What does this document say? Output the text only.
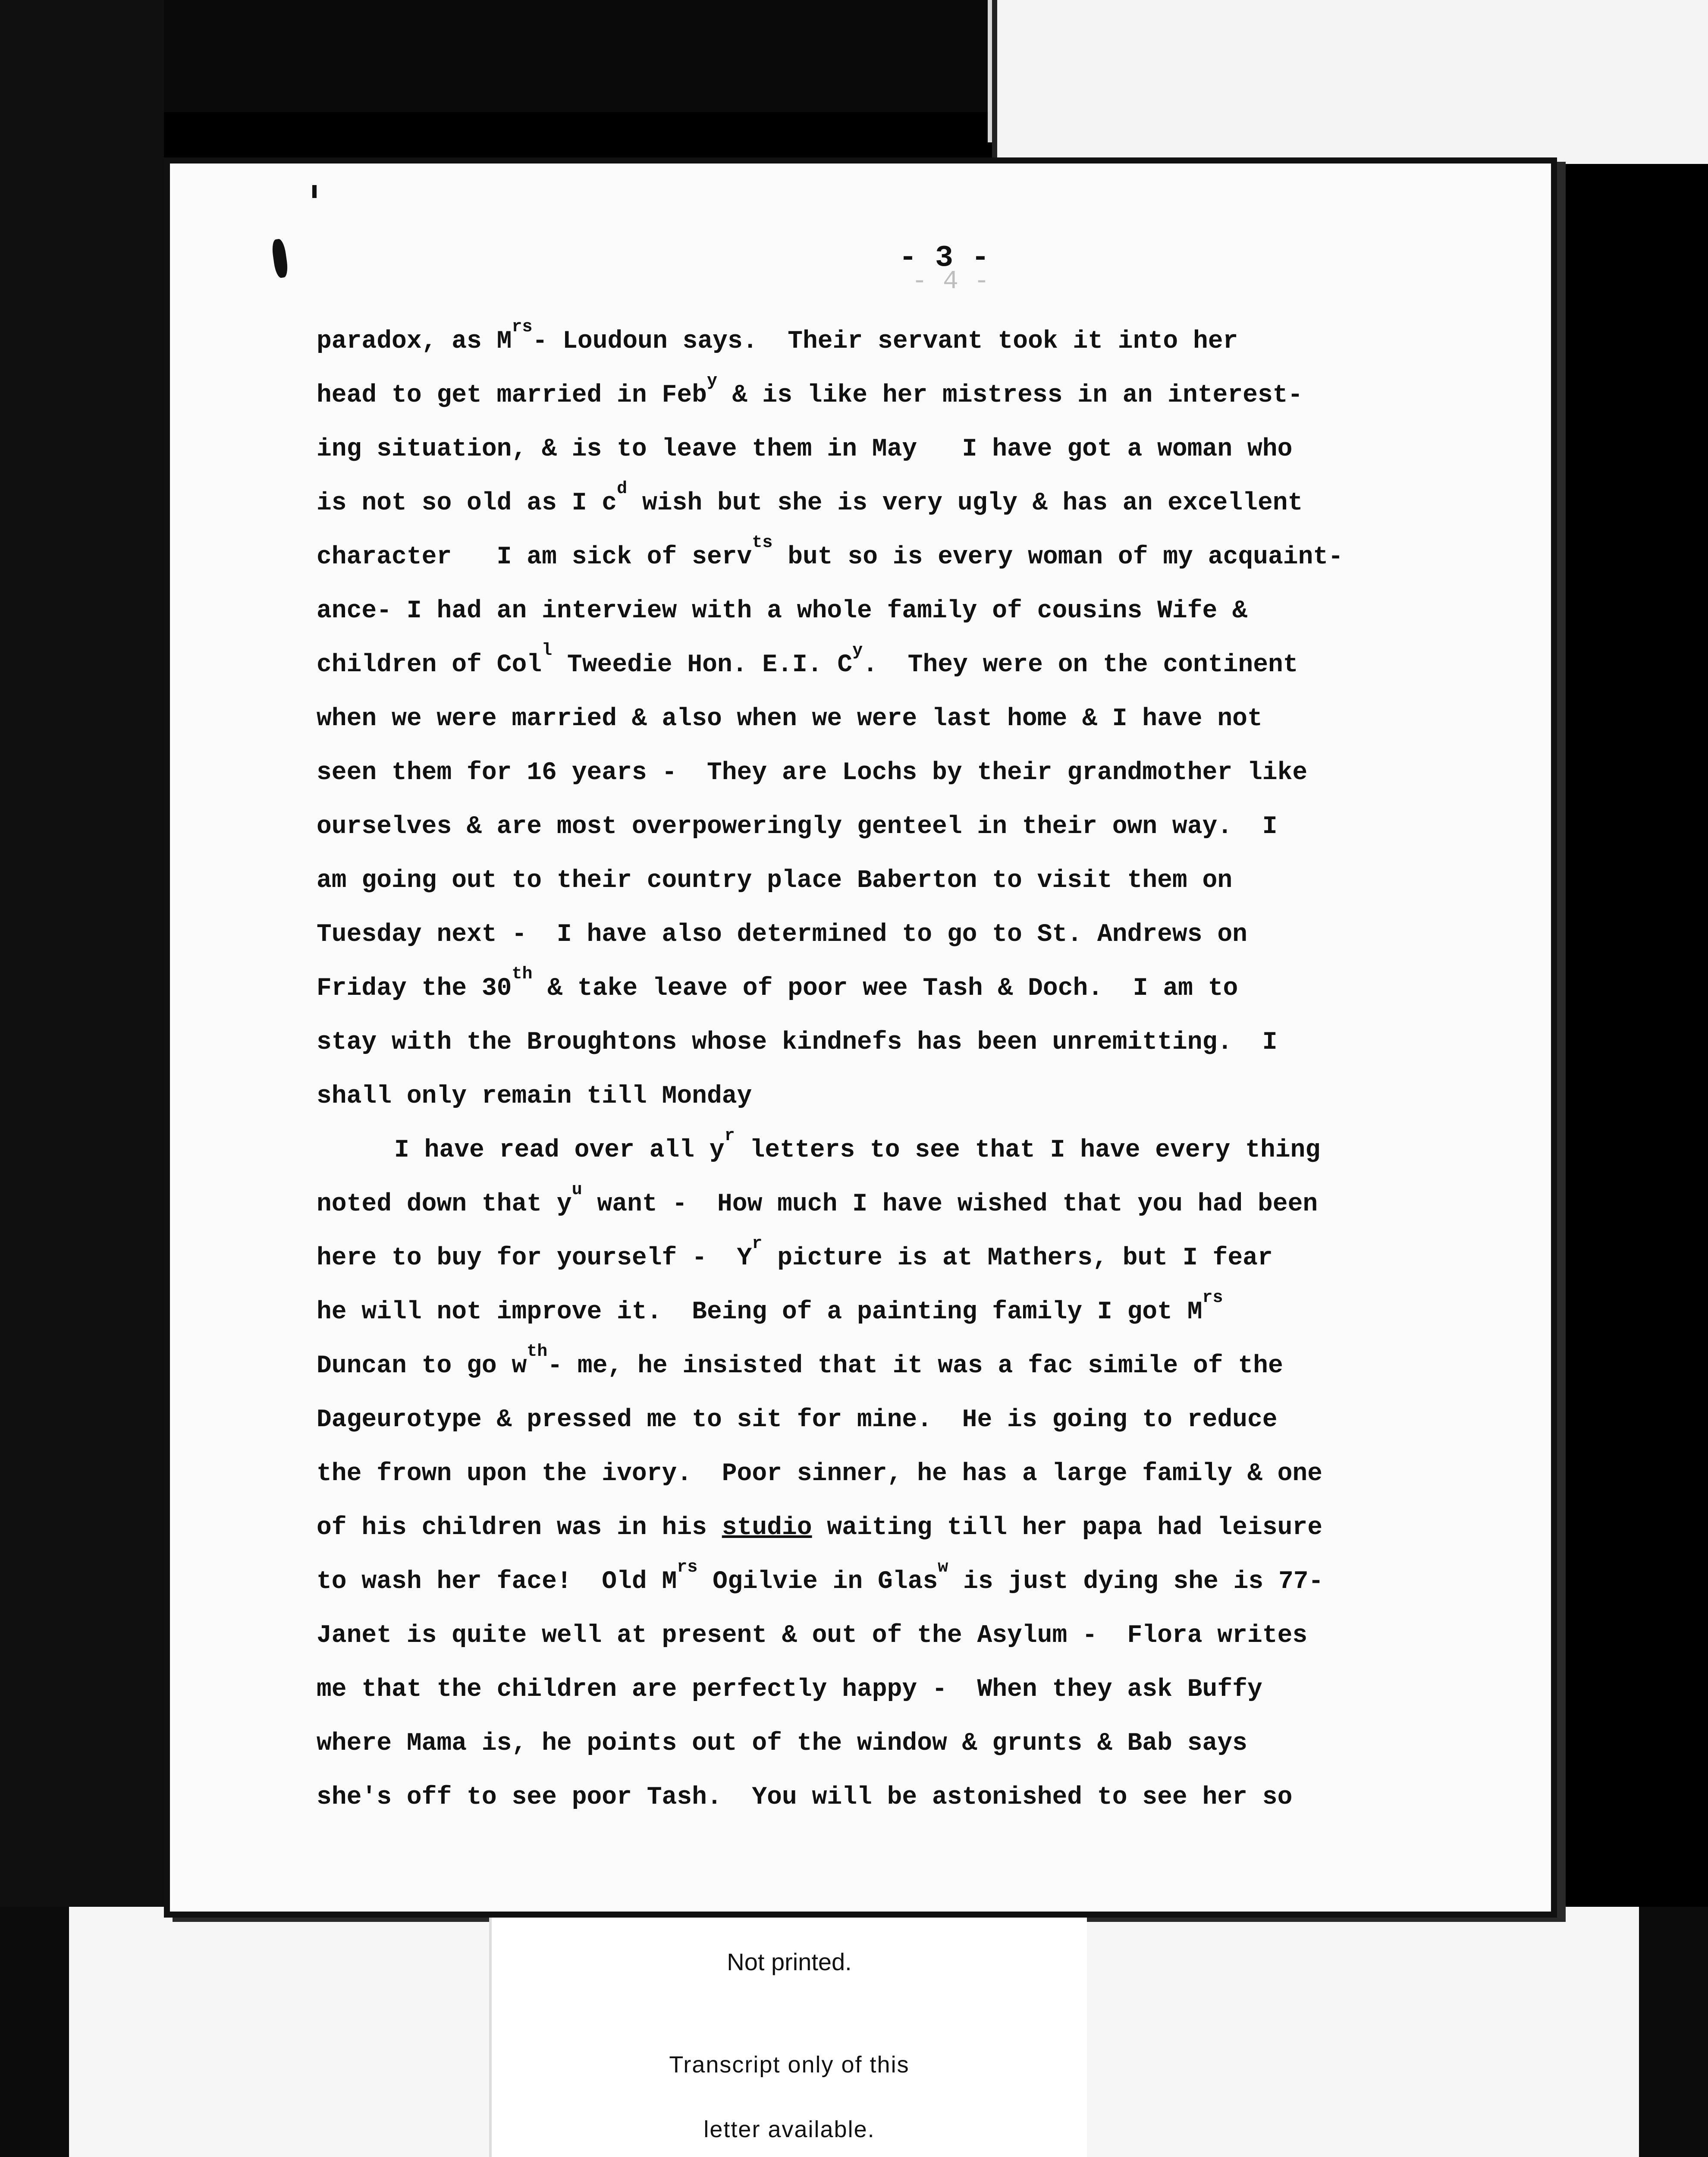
- 3 -
- 4 -
paradox, as $M^{rs}-$ Loudoun says.  Their servant took it into her
head to get married in Feb$^y$ & is like her mistress in an interest-
ing situation, & is to leave them in May   I have got a woman who
is not so old as I $c^d$ wish but she is very ugly & has an excellent
character   I am sick of serv$^{ts}$ but so is every woman of my acquaint-
ance- I had an interview with a whole family of cousins Wife &
children of Col$^l$ Tweedie Hon. E.I. $C^y$.  They were on the continent
when we were married & also when we were last home & I have not
seen them for 16 years -  They are Lochs by their grandmother like
ourselves & are most overpoweringly genteel in their own way.  I
am going out to their country place Baberton to visit them on
Tuesday next -  I have also determined to go to St. Andrews on
Friday the 30th & take leave of poor wee Tash & Doch.  I am to
stay with the Broughtons whose kindnefs has been unremitting.  I
shall only remain till Monday
I have read over all $y^r$ letters to see that I have every thing
noted down that $y^u$ want -  How much I have wished that you had been
here to buy for yourself -  $Y^r$ picture is at Mathers, but I fear
he will not improve it.  Being of a painting family I got $M^{rs}$
Duncan to go $w^{th}-$ me, he insisted that it was a fac simile of the
Dageurotype & pressed me to sit for mine.  He is going to reduce
the frown upon the ivory.  Poor sinner, he has a large family & one
of his children was in his studio waiting till her papa had leisure
to wash her face!  Old $M^{rs}$ Ogilvie in Glas$^w$ is just dying she is 77-
Janet is quite well at present & out of the Asylum -  Flora writes
me that the children are perfectly happy -  When they ask Buffy
where Mama is, he points out of the window & grunts & Bab says
she's off to see poor Tash.  You will be astonished to see her so
Not printed.
Transcript only of this
letter available.
